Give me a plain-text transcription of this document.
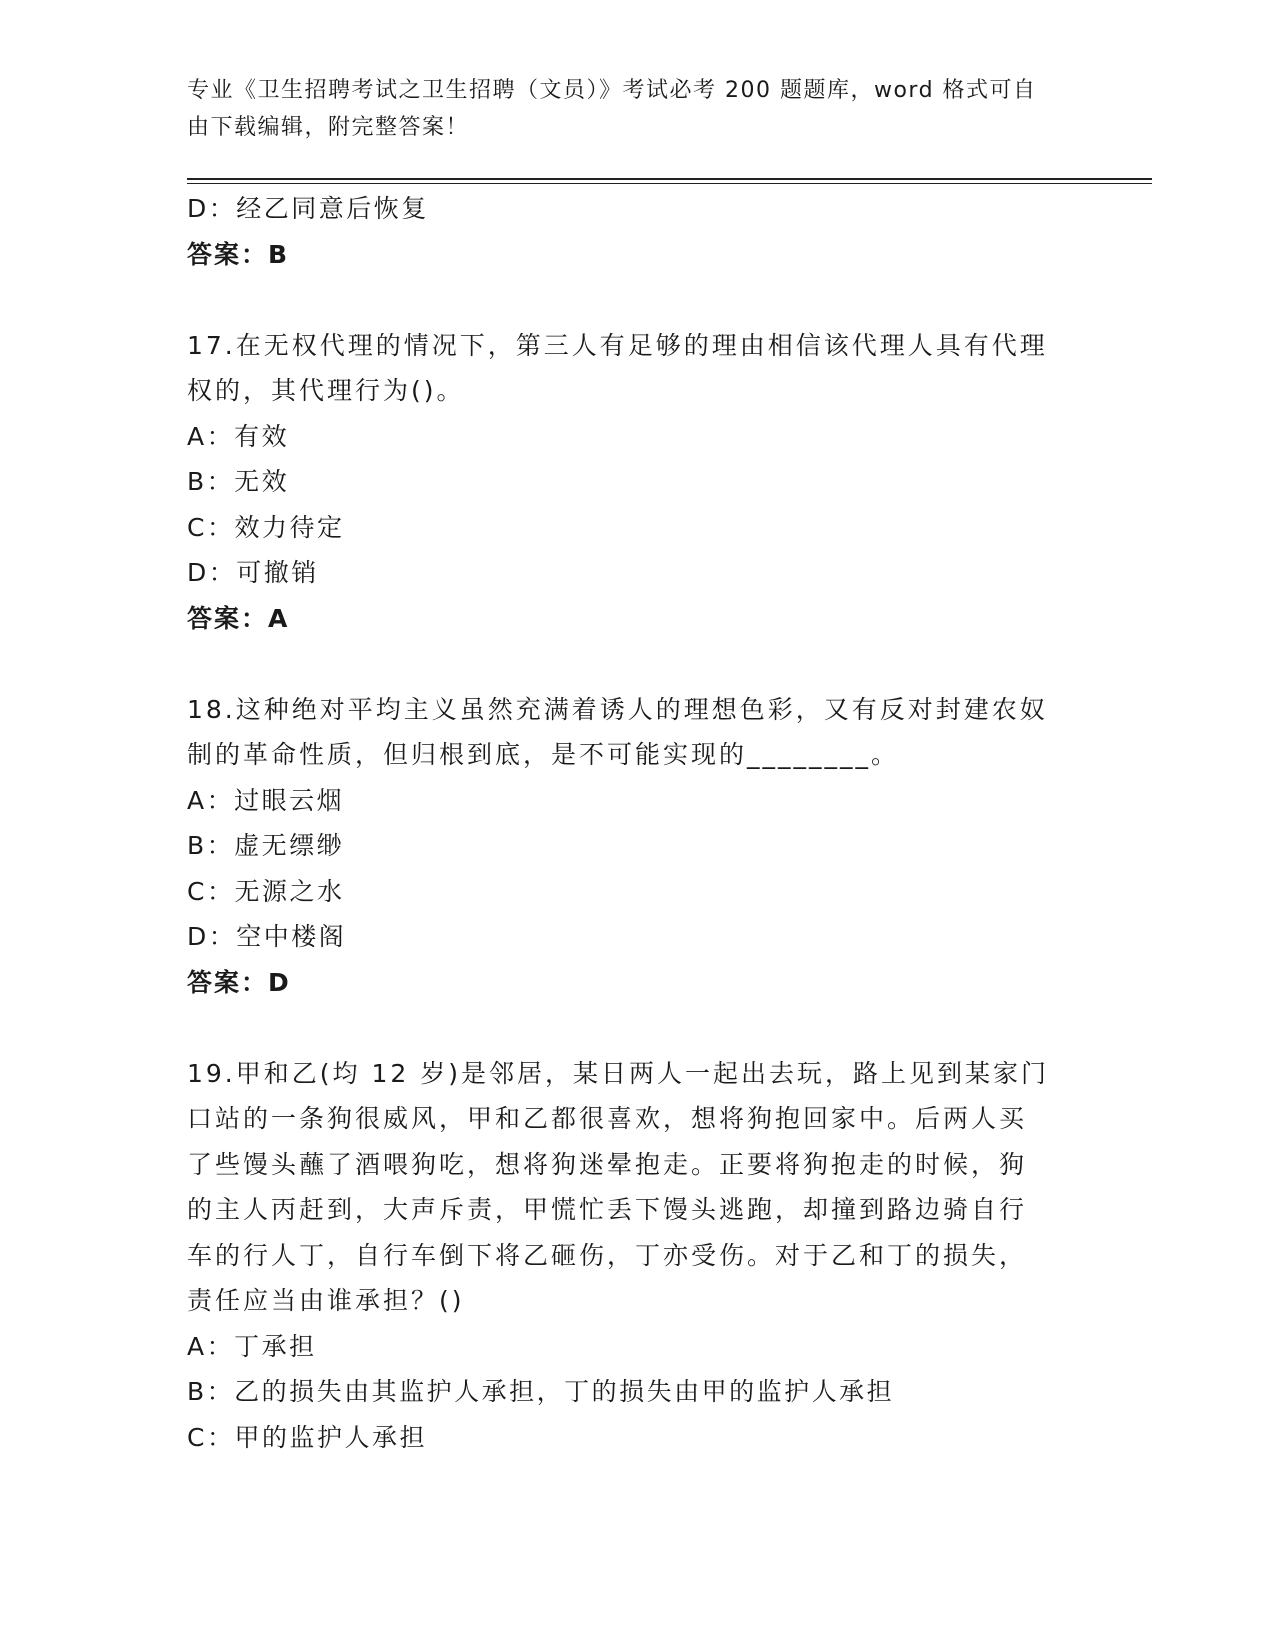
专业《卫生招聘考试之卫生招聘（文员）》考试必考 200 题题库，word 格式可自
由下载编辑，附完整答案！
D：经乙同意后恢复
答案：B
17.在无权代理的情况下，第三人有足够的理由相信该代理人具有代理
权的，其代理行为()。
A：有效
B：无效
C：效力待定
D：可撤销
答案：A
18.这种绝对平均主义虽然充满着诱人的理想色彩，又有反对封建农奴
制的革命性质，但归根到底，是不可能实现的________。
A：过眼云烟
B：虚无缥缈
C：无源之水
D：空中楼阁
答案：D
19.甲和乙(均 12 岁)是邻居，某日两人一起出去玩，路上见到某家门
口站的一条狗很威风，甲和乙都很喜欢，想将狗抱回家中。后两人买
了些馒头蘸了酒喂狗吃，想将狗迷晕抱走。正要将狗抱走的时候，狗
的主人丙赶到，大声斥责，甲慌忙丢下馒头逃跑，却撞到路边骑自行
车的行人丁，自行车倒下将乙砸伤，丁亦受伤。对于乙和丁的损失，
责任应当由谁承担？()
A：丁承担
B：乙的损失由其监护人承担，丁的损失由甲的监护人承担
C：甲的监护人承担
